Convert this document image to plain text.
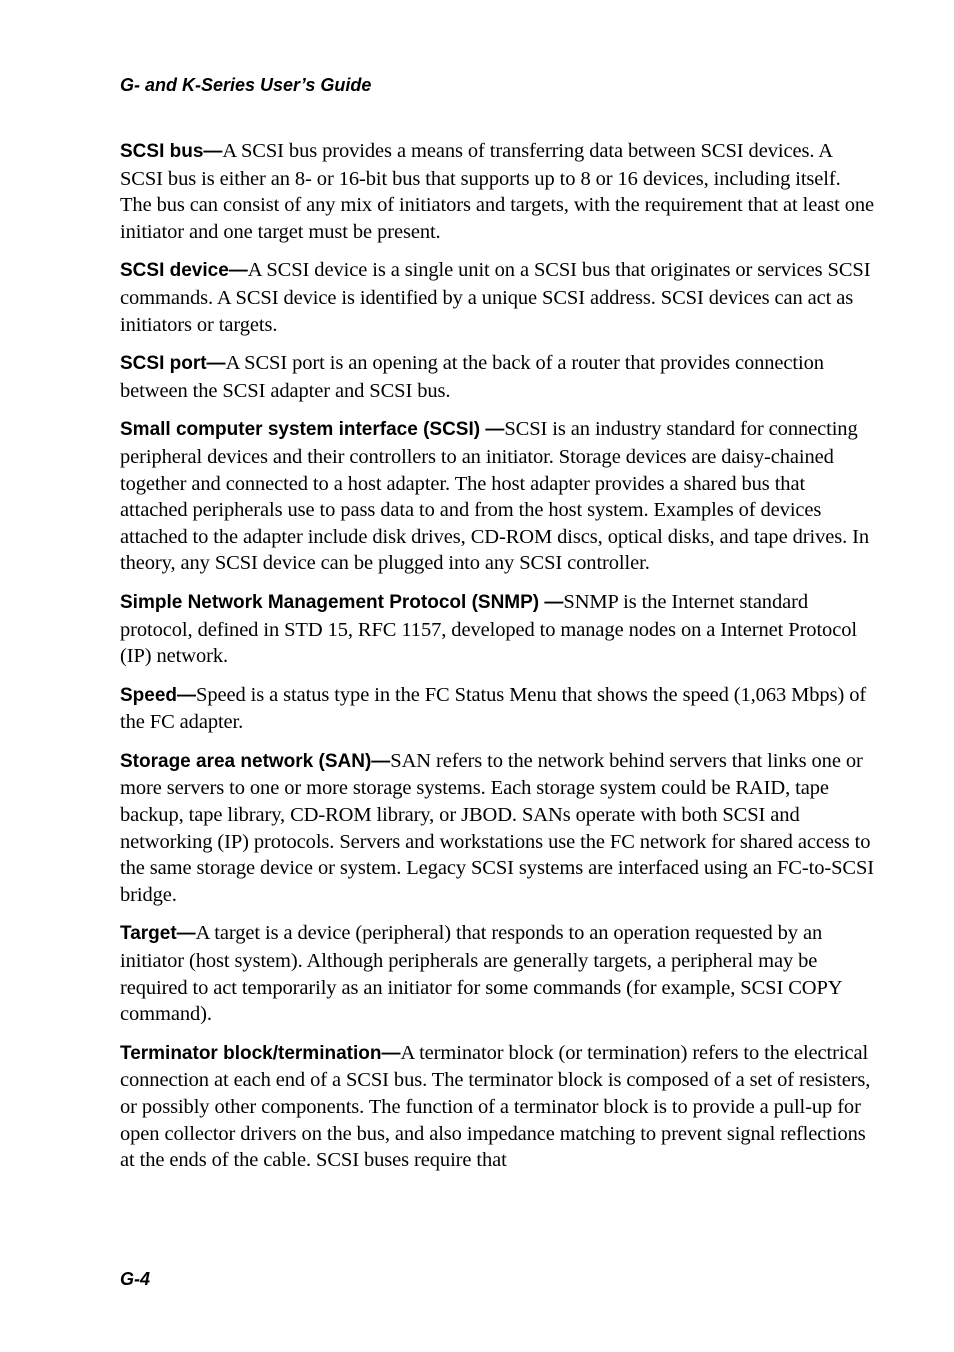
G- and K-Series User’s Guide

SCSI bus—A SCSI bus provides a means of transferring data between SCSI devices. A SCSI bus is either an 8- or 16-bit bus that supports up to 8 or 16 devices, including itself. The bus can consist of any mix of initiators and targets, with the requirement that at least one initiator and one target must be present.

SCSI device—A SCSI device is a single unit on a SCSI bus that originates or services SCSI commands. A SCSI device is identified by a unique SCSI address. SCSI devices can act as initiators or targets.

SCSI port—A SCSI port is an opening at the back of a router that provides connection between the SCSI adapter and SCSI bus.

Small computer system interface (SCSI) —SCSI is an industry standard for connecting peripheral devices and their controllers to an initiator. Storage devices are daisy-chained together and connected to a host adapter. The host adapter provides a shared bus that attached peripherals use to pass data to and from the host system. Examples of devices attached to the adapter include disk drives, CD-ROM discs, optical disks, and tape drives. In theory, any SCSI device can be plugged into any SCSI controller.

Simple Network Management Protocol (SNMP) —SNMP is the Internet standard protocol, defined in STD 15, RFC 1157, developed to manage nodes on a Internet Protocol (IP) network.

Speed—Speed is a status type in the FC Status Menu that shows the speed (1,063 Mbps) of the FC adapter.

Storage area network (SAN)—SAN refers to the network behind servers that links one or more servers to one or more storage systems. Each storage system could be RAID, tape backup, tape library, CD-ROM library, or JBOD. SANs operate with both SCSI and networking (IP) protocols. Servers and workstations use the FC network for shared access to the same storage device or system. Legacy SCSI systems are interfaced using an FC-to-SCSI bridge.

Target—A target is a device (peripheral) that responds to an operation requested by an initiator (host system). Although peripherals are generally targets, a peripheral may be required to act temporarily as an initiator for some commands (for example, SCSI COPY command).

Terminator block/termination—A terminator block (or termination) refers to the electrical connection at each end of a SCSI bus. The terminator block is composed of a set of resisters, or possibly other components. The function of a terminator block is to provide a pull-up for open collector drivers on the bus, and also impedance matching to prevent signal reflections at the ends of the cable. SCSI buses require that

G-4
